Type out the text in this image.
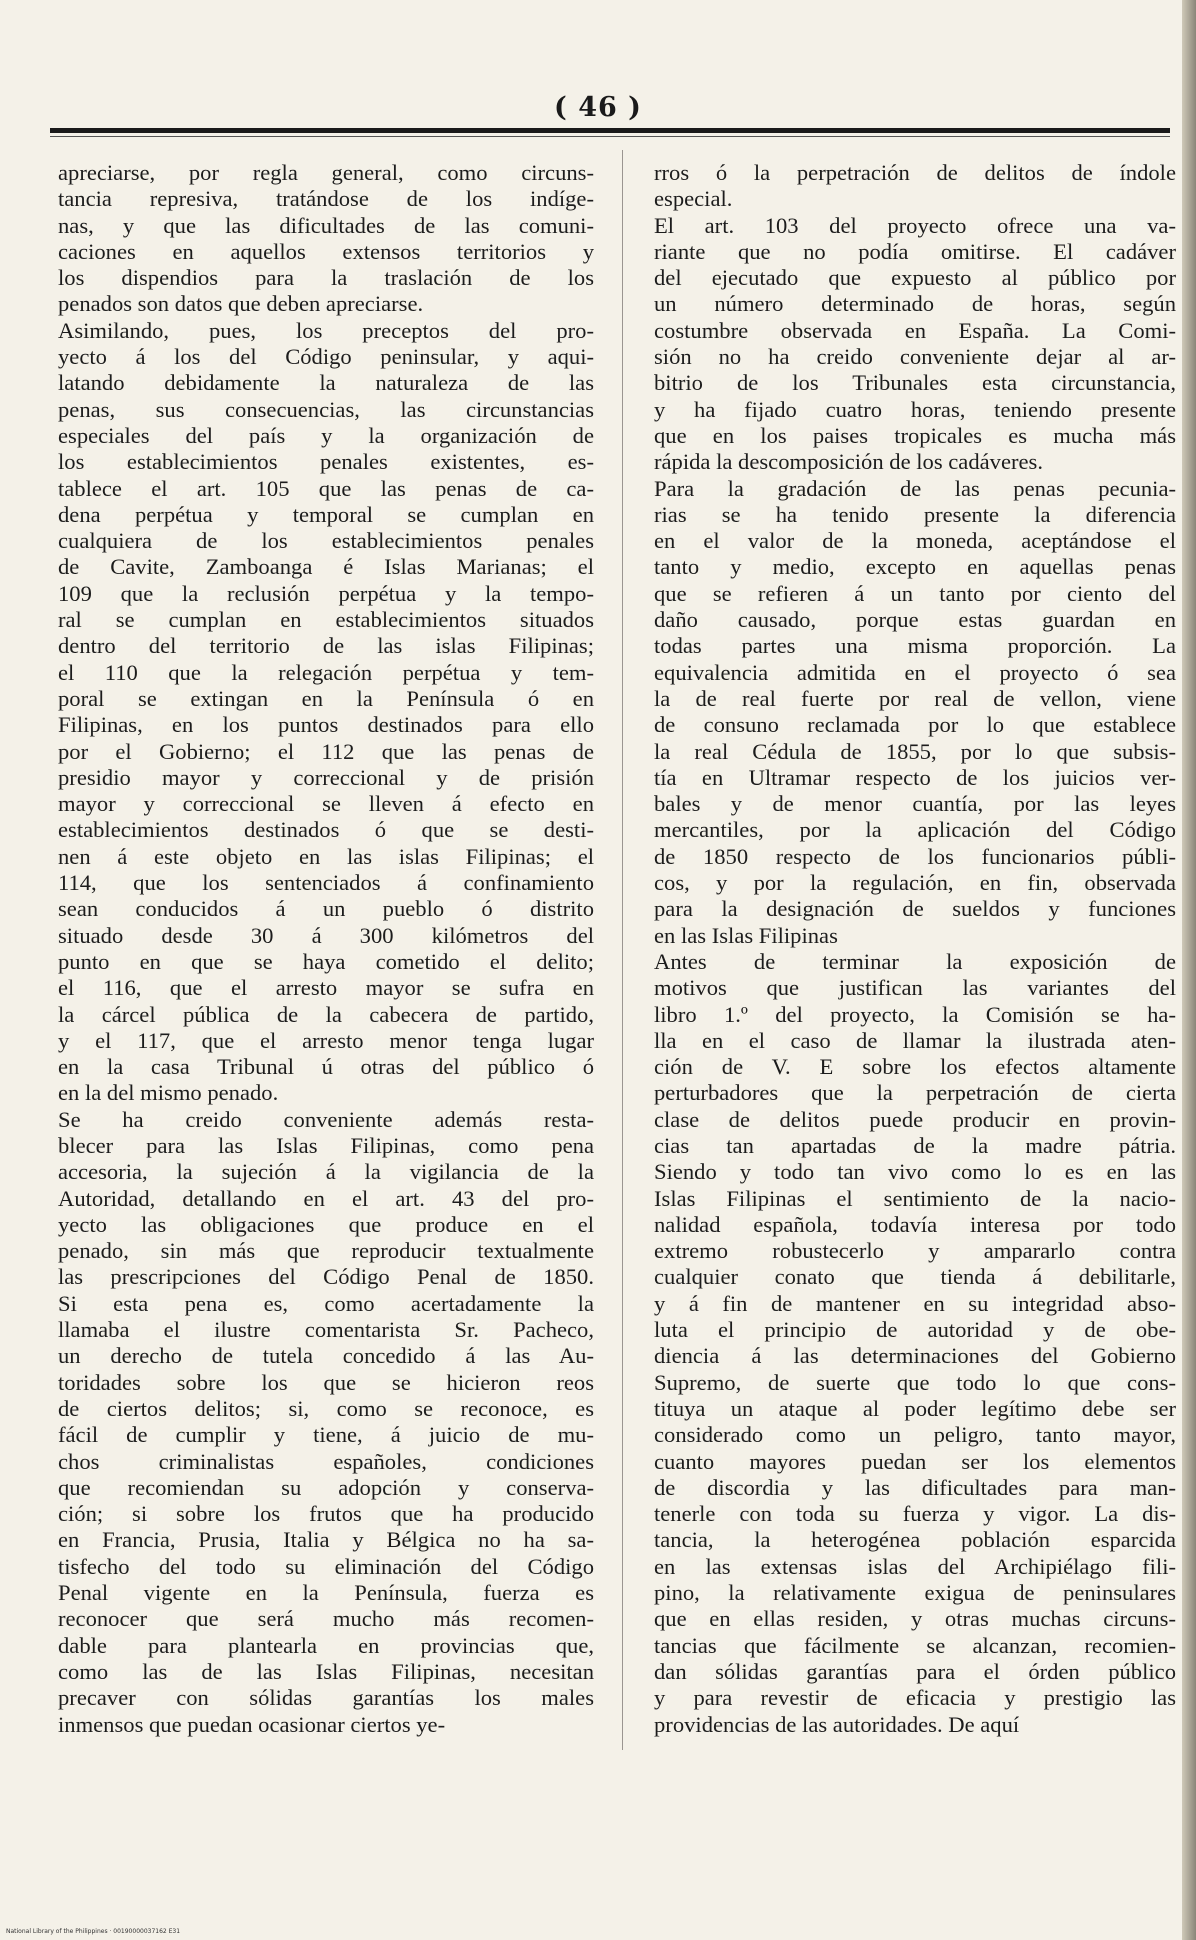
( 46 )
apreciarse, por regla general, como circuns-
tancia represiva, tratándose de los indíge-
nas, y que las dificultades de las comuni-
caciones en aquellos extensos territorios y
los dispendios para la traslación de los
penados son datos que deben apreciarse.
Asimilando, pues, los preceptos del pro-
yecto á los del Código peninsular, y aqui-
latando debidamente la naturaleza de las
penas, sus consecuencias, las circunstancias
especiales del país y la organización de
los establecimientos penales existentes, es-
tablece el art. 105 que las penas de ca-
dena perpétua y temporal se cumplan en
cualquiera de los establecimientos penales
de Cavite, Zamboanga é Islas Marianas; el
109 que la reclusión perpétua y la tempo-
ral se cumplan en establecimientos situados
dentro del territorio de las islas Filipinas;
el 110 que la relegación perpétua y tem-
poral se extingan en la Península ó en
Filipinas, en los puntos destinados para ello
por el Gobierno; el 112 que las penas de
presidio mayor y correccional y de prisión
mayor y correccional se lleven á efecto en
establecimientos destinados ó que se desti-
nen á este objeto en las islas Filipinas; el
114, que los sentenciados á confinamiento
sean conducidos á un pueblo ó distrito
situado desde 30 á 300 kilómetros del
punto en que se haya cometido el delito;
el 116, que el arresto mayor se sufra en
la cárcel pública de la cabecera de partido,
y el 117, que el arresto menor tenga lugar
en la casa Tribunal ú otras del público ó
en la del mismo penado.
Se ha creido conveniente además resta-
blecer para las Islas Filipinas, como pena
accesoria, la sujeción á la vigilancia de la
Autoridad, detallando en el art. 43 del pro-
yecto las obligaciones que produce en el
penado, sin más que reproducir textualmente
las prescripciones del Código Penal de 1850.
Si esta pena es, como acertadamente la
llamaba el ilustre comentarista Sr. Pacheco,
un derecho de tutela concedido á las Au-
toridades sobre los que se hicieron reos
de ciertos delitos; si, como se reconoce, es
fácil de cumplir y tiene, á juicio de mu-
chos criminalistas españoles, condiciones
que recomiendan su adopción y conserva-
ción; si sobre los frutos que ha producido
en Francia, Prusia, Italia y Bélgica no ha sa-
tisfecho del todo su eliminación del Código
Penal vigente en la Península, fuerza es
reconocer que será mucho más recomen-
dable para plantearla en provincias que,
como las de las Islas Filipinas, necesitan
precaver con sólidas garantías los males
inmensos que puedan ocasionar ciertos ye-
rros ó la perpetración de delitos de índole
especial.
El art. 103 del proyecto ofrece una va-
riante que no podía omitirse. El cadáver
del ejecutado que expuesto al público por
un número determinado de horas, según
costumbre observada en España. La Comi-
sión no ha creido conveniente dejar al ar-
bitrio de los Tribunales esta circunstancia,
y ha fijado cuatro horas, teniendo presente
que en los paises tropicales es mucha más
rápida la descomposición de los cadáveres.
Para la gradación de las penas pecunia-
rias se ha tenido presente la diferencia
en el valor de la moneda, aceptándose el
tanto y medio, excepto en aquellas penas
que se refieren á un tanto por ciento del
daño causado, porque estas guardan en
todas partes una misma proporción. La
equivalencia admitida en el proyecto ó sea
la de real fuerte por real de vellon, viene
de consuno reclamada por lo que establece
la real Cédula de 1855, por lo que subsis-
tía en Ultramar respecto de los juicios ver-
bales y de menor cuantía, por las leyes
mercantiles, por la aplicación del Código
de 1850 respecto de los funcionarios públi-
cos, y por la regulación, en fin, observada
para la designación de sueldos y funciones
en las Islas Filipinas
Antes de terminar la exposición de
motivos que justifican las variantes del
libro 1.º del proyecto, la Comisión se ha-
lla en el caso de llamar la ilustrada aten-
ción de V. E sobre los efectos altamente
perturbadores que la perpetración de cierta
clase de delitos puede producir en provin-
cias tan apartadas de la madre pátria.
Siendo y todo tan vivo como lo es en las
Islas Filipinas el sentimiento de la nacio-
nalidad española, todavía interesa por todo
extremo robustecerlo y ampararlo contra
cualquier conato que tienda á debilitarle,
y á fin de mantener en su integridad abso-
luta el principio de autoridad y de obe-
diencia á las determinaciones del Gobierno
Supremo, de suerte que todo lo que cons-
tituya un ataque al poder legítimo debe ser
considerado como un peligro, tanto mayor,
cuanto mayores puedan ser los elementos
de discordia y las dificultades para man-
tenerle con toda su fuerza y vigor. La dis-
tancia, la heterogénea población esparcida
en las extensas islas del Archipiélago fili-
pino, la relativamente exigua de peninsulares
que en ellas residen, y otras muchas circuns-
tancias que fácilmente se alcanzan, recomien-
dan sólidas garantías para el órden público
y para revestir de eficacia y prestigio las
providencias de las autoridades. De aquí
National Library of the Philippines · 00190000037162 E31
